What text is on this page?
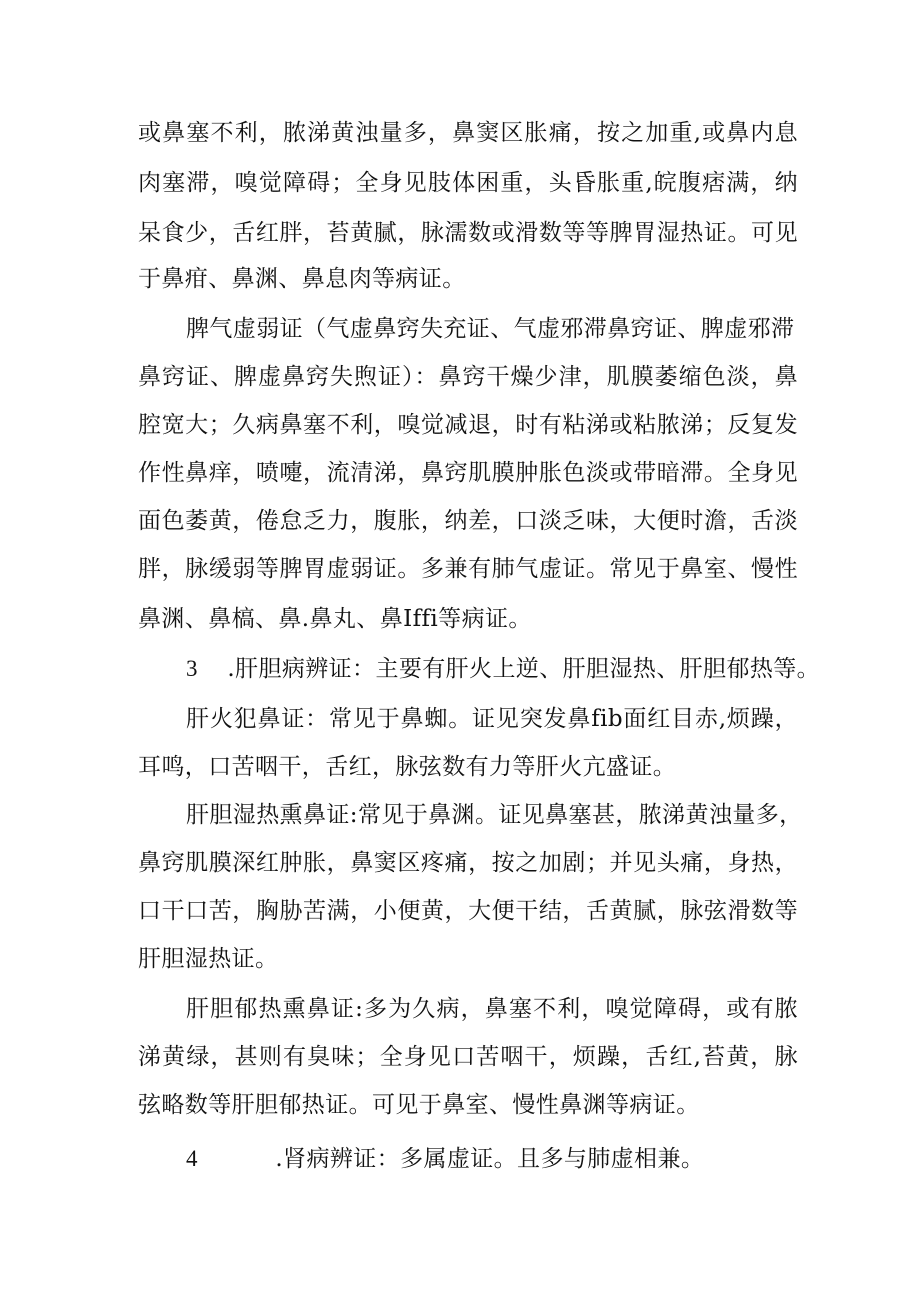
或鼻塞不利，脓涕黄浊量多，鼻窦区胀痛，按之加重,或鼻内息
肉塞滞，嗅觉障碍；全身见肢体困重，头昏胀重,皖腹痞满，纳
呆食少，舌红胖，苔黄腻，脉濡数或滑数等等脾胃湿热证。可见
于鼻疳、鼻渊、鼻息肉等病证。
脾气虚弱证（气虚鼻窍失充证、气虚邪滞鼻窍证、脾虚邪滞
鼻窍证、脾虚鼻窍失煦证）：鼻窍干燥少津，肌膜萎缩色淡，鼻
腔宽大；久病鼻塞不利，嗅觉减退，时有粘涕或粘脓涕；反复发
作性鼻痒，喷嚏，流清涕，鼻窍肌膜肿胀色淡或带暗滞。全身见
面色萎黄，倦怠乏力，腹胀，纳差，口淡乏味，大便时澹，舌淡
胖，脉缓弱等脾胃虚弱证。多兼有肺气虚证。常见于鼻室、慢性
鼻渊、鼻槁、鼻.鼻丸、鼻Iffi等病证。
3 .肝胆病辨证：主要有肝火上逆、肝胆湿热、肝胆郁热等。
肝火犯鼻证：常见于鼻蜘。证见突发鼻fib面红目赤,烦躁，
耳鸣，口苦咽干，舌红，脉弦数有力等肝火亢盛证。
肝胆湿热熏鼻证:常见于鼻渊。证见鼻塞甚，脓涕黄浊量多，
鼻窍肌膜深红肿胀，鼻窦区疼痛，按之加剧；并见头痛，身热，
口干口苦，胸胁苦满，小便黄，大便干结，舌黄腻，脉弦滑数等
肝胆湿热证。
肝胆郁热熏鼻证:多为久病，鼻塞不利，嗅觉障碍，或有脓
涕黄绿，甚则有臭味；全身见口苦咽干，烦躁，舌红,苔黄，脉
弦略数等肝胆郁热证。可见于鼻室、慢性鼻渊等病证。
4	.肾病辨证：多属虚证。且多与肺虚相兼。
